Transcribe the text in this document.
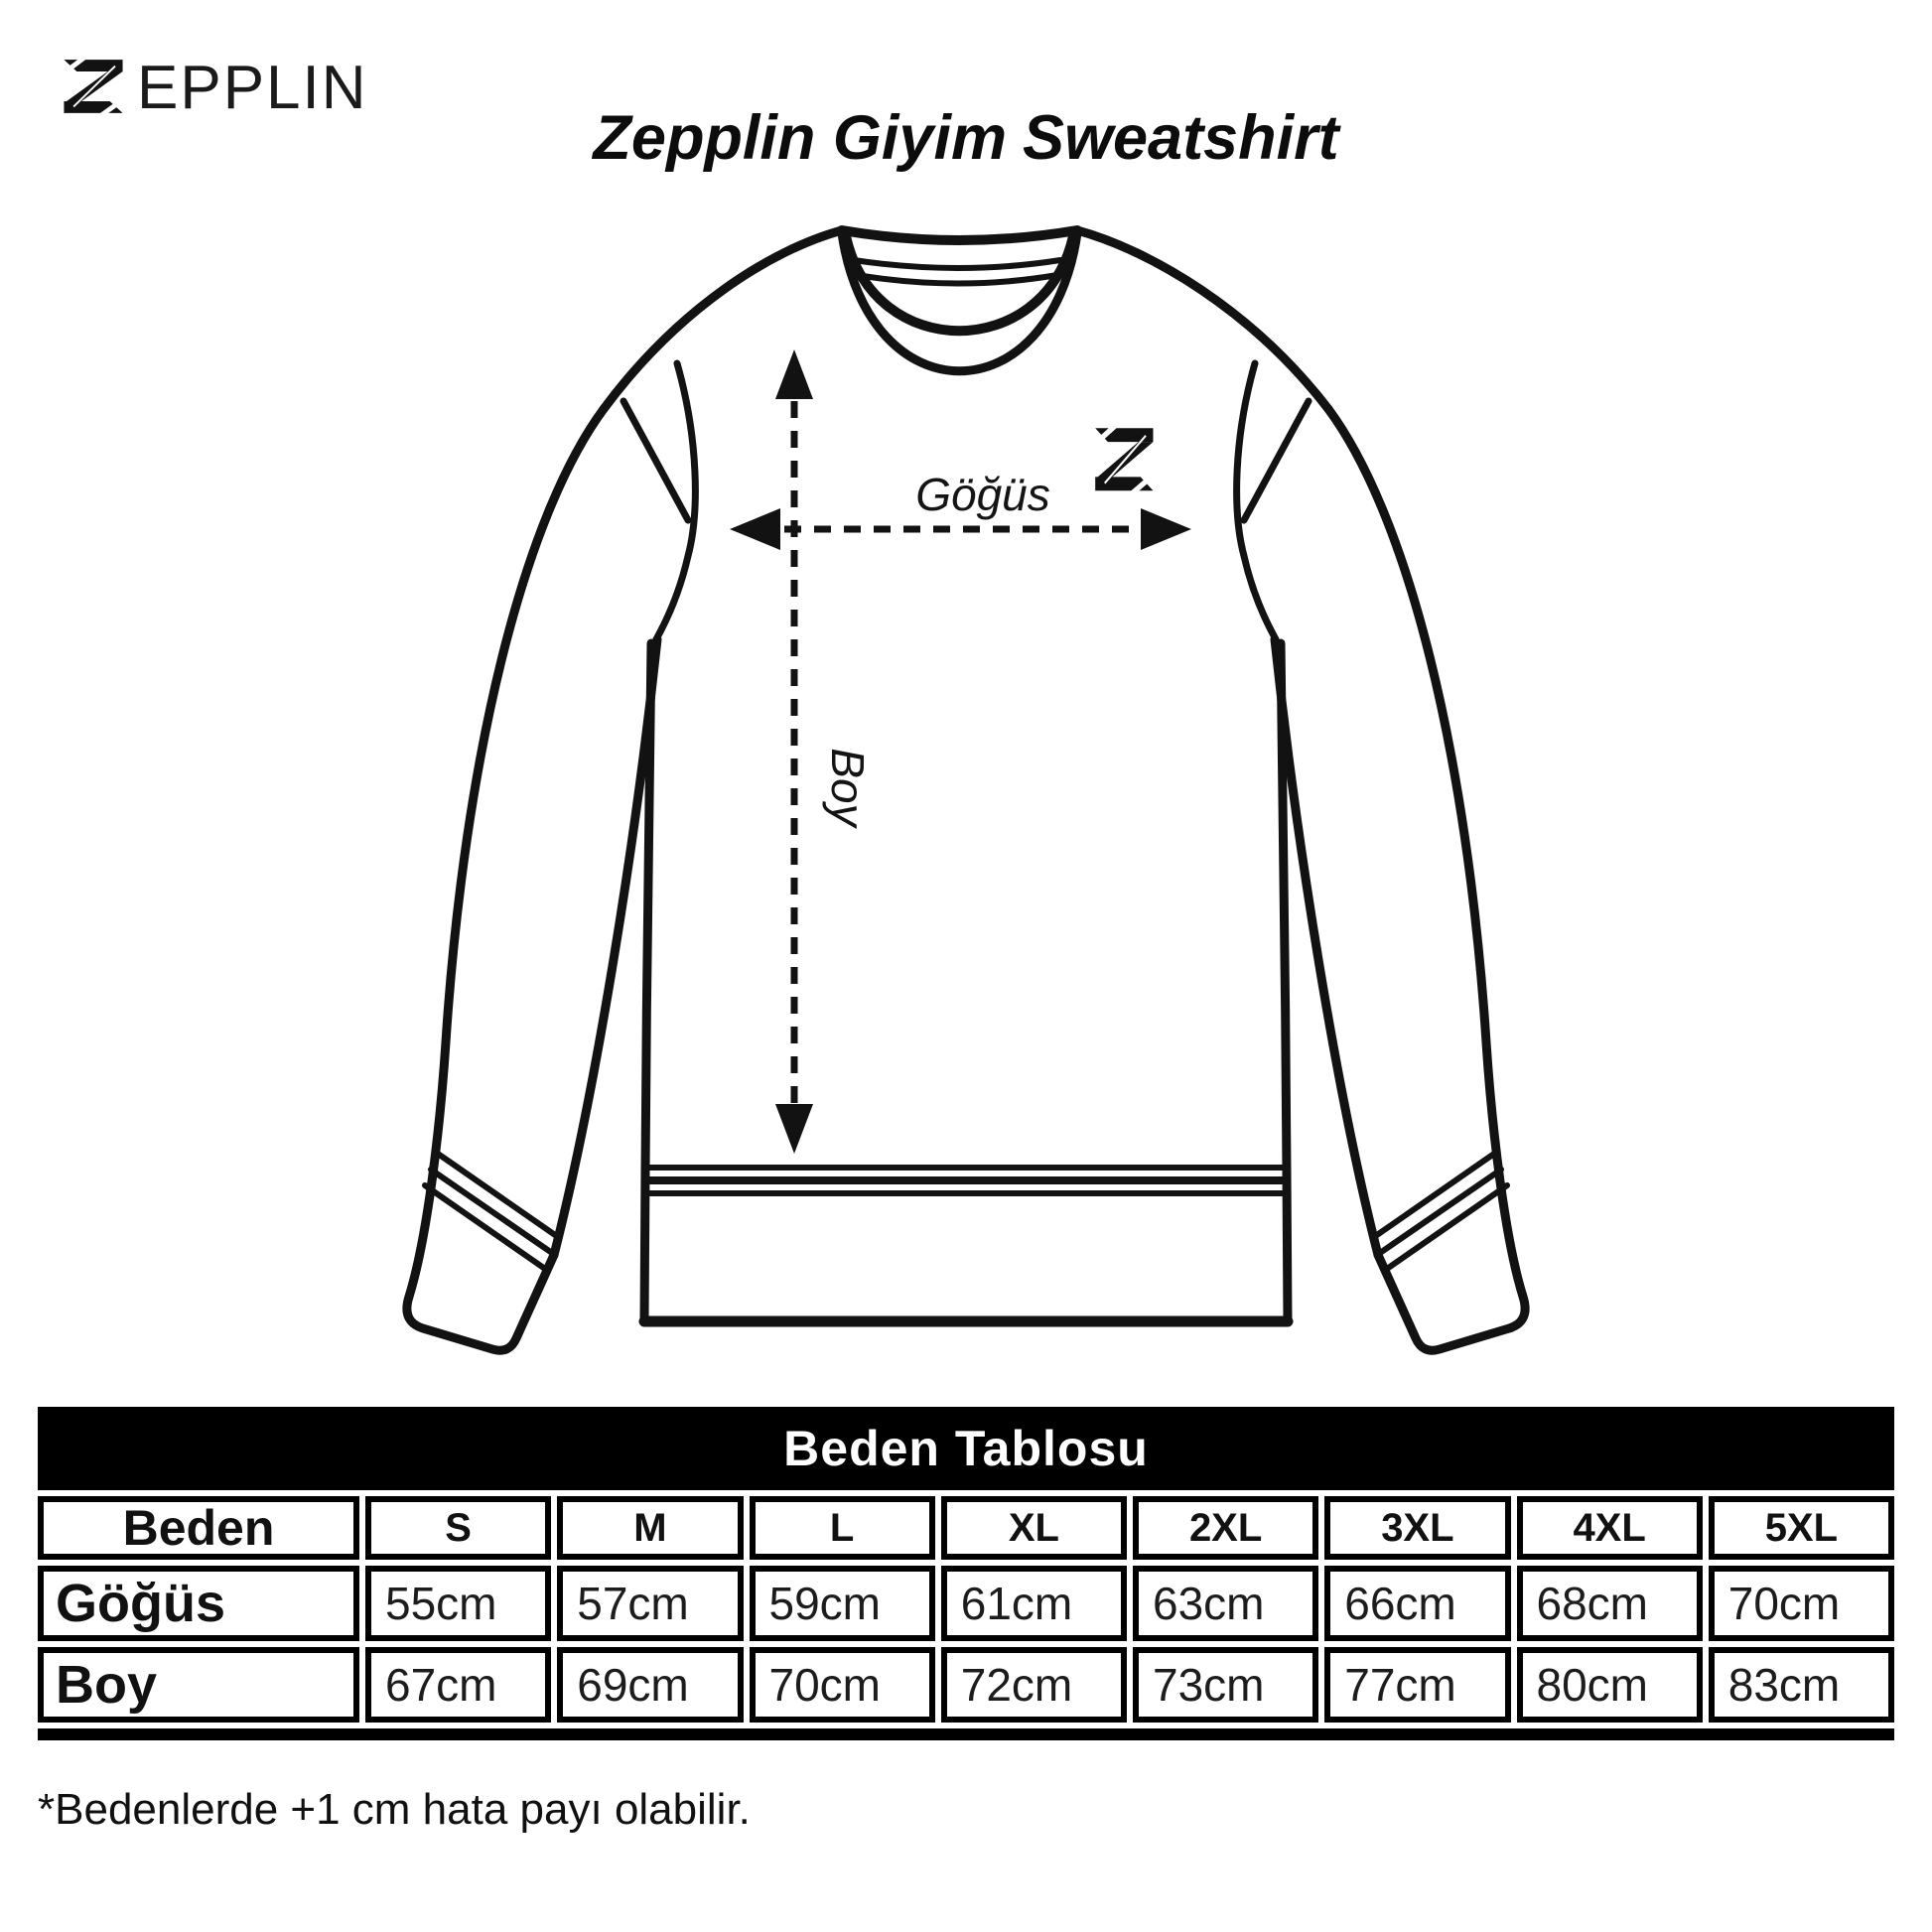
EPPLIN
Zepplin Giyim Sweatshirt
Göğüs
Boy
Beden Tablosu
Beden	S	M	L	XL	2XL	3XL	4XL	5XL
Göğüs	55cm	57cm	59cm	61cm	63cm	66cm	68cm	70cm
Boy	67cm	69cm	70cm	72cm	73cm	77cm	80cm	83cm

*Bedenlerde +1 cm hata payı olabilir.
